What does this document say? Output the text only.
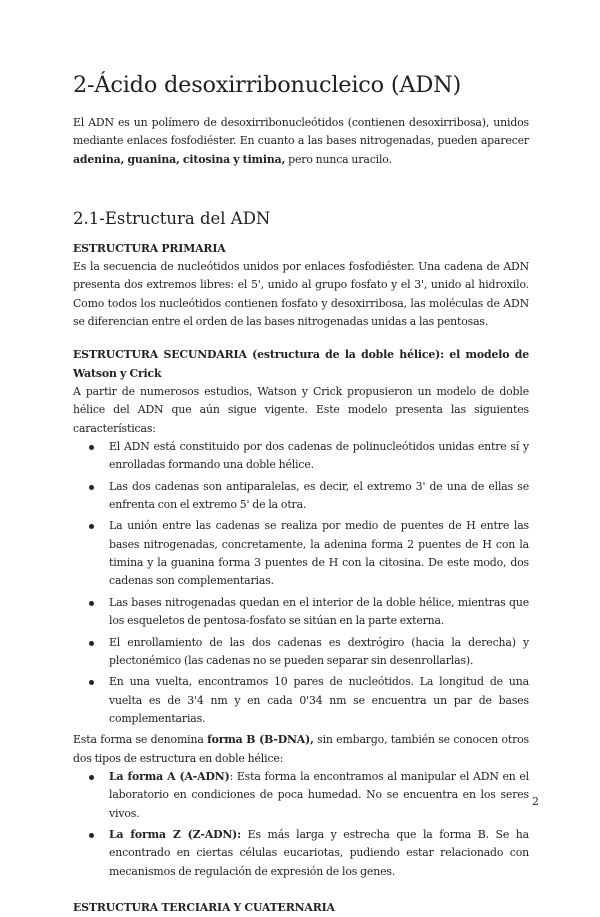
2-Ácido desoxirribonucleico (ADN)

El ADN es un polímero de desoxirribonucleótidos (contienen desoxirribosa), unidos mediante enlaces fosfodiéster. En cuanto a las bases nitrogenadas, pueden aparecer adenina, guanina, citosina y timina, pero nunca uracilo.

2.1-Estructura del ADN
ESTRUCTURA PRIMARIA

Es la secuencia de nucleótidos unidos por enlaces fosfodiéster. Una cadena de ADN presenta dos extremos libres: el 5', unido al grupo fosfato y el 3', unido al hidroxilo. Como todos los nucleótidos contienen fosfato y desoxirribosa, las moléculas de ADN se diferencian entre el orden de las bases nitrogenadas unidas a las pentosas.

ESTRUCTURA SECUNDARIA (estructura de la doble hélice): el modelo de Watson y Crick

A partir de numerosos estudios, Watson y Crick propusieron un modelo de doble hélice del ADN que aún sigue vigente. Este modelo presenta las siguientes características:

El ADN está constituido por dos cadenas de polinucleótidos unidas entre sí y enrolladas formando una doble hélice.
Las dos cadenas son antiparalelas, es decir, el extremo 3' de una de ellas se enfrenta con el extremo 5' de la otra.
La unión entre las cadenas se realiza por medio de puentes de H entre las bases nitrogenadas, concretamente, la adenina forma 2 puentes de H con la timina y la guanina forma 3 puentes de H con la citosina. De este modo, dos cadenas son complementarias.
Las bases nitrogenadas quedan en el interior de la doble hélice, mientras que los esqueletos de pentosa-fosfato se sitúan en la parte externa.
El enrollamiento de las dos cadenas es dextrógiro (hacia la derecha) y plectonémico (las cadenas no se pueden separar sin desenrollarlas).
En una vuelta, encontramos 10 pares de nucleótidos. La longitud de una vuelta es de 3'4 nm y en cada 0'34 nm se encuentra un par de bases complementarias.

Esta forma se denomina forma B (B-DNA), sin embargo, también se conocen otros dos tipos de estructura en doble hélice:

La forma A (A-ADN): Esta forma la encontramos al manipular el ADN en el laboratorio en condiciones de poca humedad. No se encuentra en los seres vivos.
La forma Z (Z-ADN): Es más larga y estrecha que la forma B. Se ha encontrado en ciertas células eucariotas, pudiendo estar relacionado con mecanismos de regulación de expresión de los genes.
ESTRUCTURA TERCIARIA Y CUATERNARIA
2
